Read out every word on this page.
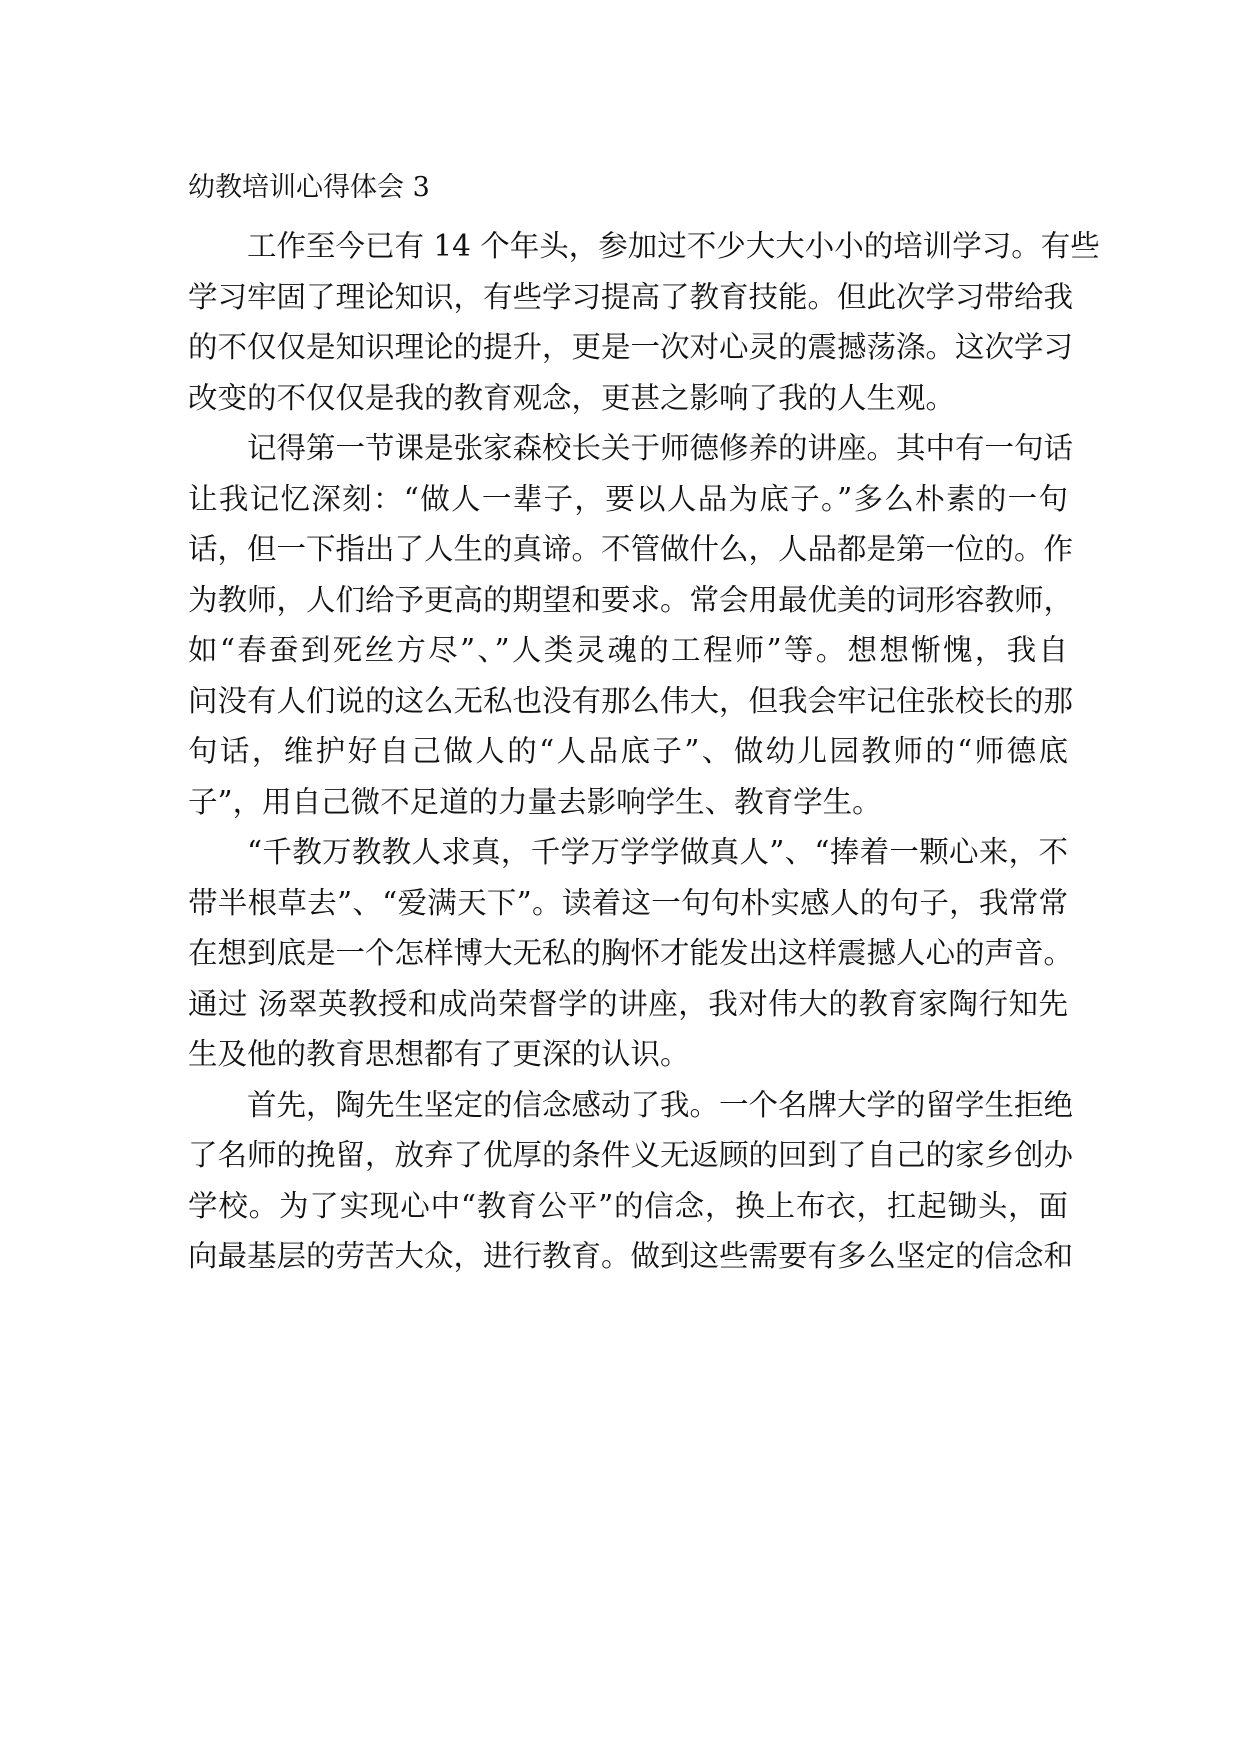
幼教培训心得体会 3
工作至今已有 14 个年头，参加过不少大大小小的培训学习。有些
学习牢固了理论知识，有些学习提高了教育技能。但此次学习带给我
的不仅仅是知识理论的提升，更是一次对心灵的震撼荡涤。这次学习
改变的不仅仅是我的教育观念，更甚之影响了我的人生观。
记得第一节课是张家森校长关于师德修养的讲座。其中有一句话
让我记忆深刻：“做人一辈子，要以人品为底子。”多么朴素的一句
话，但一下指出了人生的真谛。不管做什么，人品都是第一位的。作
为教师，人们给予更高的期望和要求。常会用最优美的词形容教师，
如“春蚕到死丝方尽”、”人类灵魂的工程师”等。想想惭愧，我自
问没有人们说的这么无私也没有那么伟大，但我会牢记住张校长的那
句话，维护好自己做人的“人品底子”、做幼儿园教师的“师德底
子”，用自己微不足道的力量去影响学生、教育学生。
“千教万教教人求真，千学万学学做真人”、“捧着一颗心来，不
带半根草去”、“爱满天下”。读着这一句句朴实感人的句子，我常常
在想到底是一个怎样博大无私的胸怀才能发出这样震撼人心的声音。
通过 汤翠英教授和成尚荣督学的讲座，我对伟大的教育家陶行知先
生及他的教育思想都有了更深的认识。
首先，陶先生坚定的信念感动了我。一个名牌大学的留学生拒绝
了名师的挽留，放弃了优厚的条件义无返顾的回到了自己的家乡创办
学校。为了实现心中“教育公平”的信念，换上布衣，扛起锄头，面
向最基层的劳苦大众，进行教育。做到这些需要有多么坚定的信念和
